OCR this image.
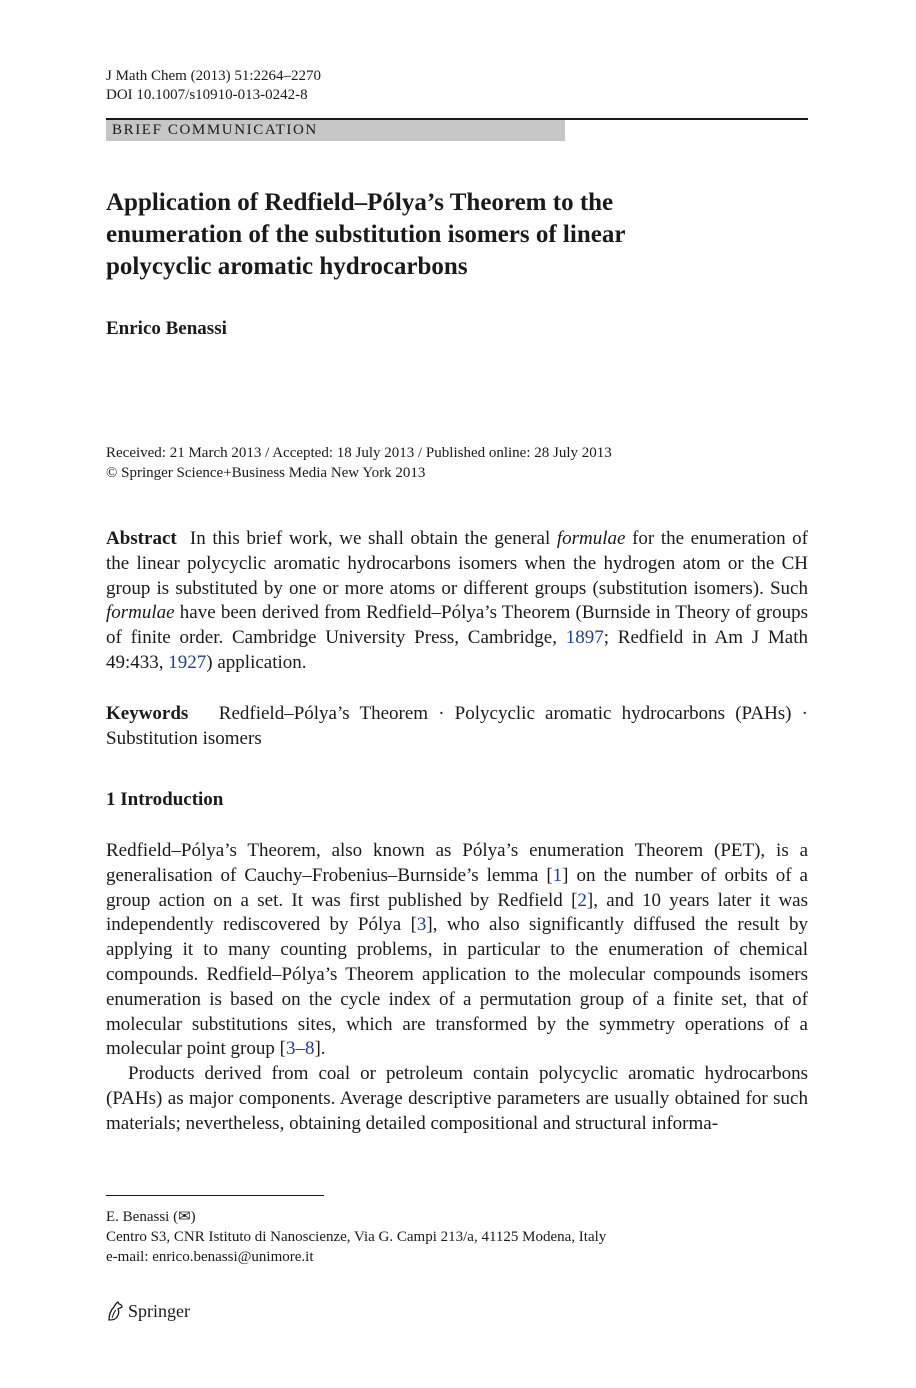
J Math Chem (2013) 51:2264–2270
DOI 10.1007/s10910-013-0242-8
BRIEF COMMUNICATION
Application of Redfield–Pólya’s Theorem to the
enumeration of the substitution isomers of linear
polycyclic aromatic hydrocarbons
Enrico Benassi
Received: 21 March 2013 / Accepted: 18 July 2013 / Published online: 28 July 2013
© Springer Science+Business Media New York 2013

Abstract In this brief work, we shall obtain the general formulae for the enumeration of the linear polycyclic aromatic hydrocarbons isomers when the hydrogen atom or the CH group is substituted by one or more atoms or different groups (substitution isomers). Such formulae have been derived from Redfield–Pólya’s Theorem (Burnside in Theory of groups of finite order. Cambridge University Press, Cambridge, 1897; Redfield in Am J Math 49:433, 1927) application.

Keywords Redfield–Pólya’s Theorem · Polycyclic aromatic hydrocarbons (PAHs) · Substitution isomers

1 Introduction

Redfield–Pólya’s Theorem, also known as Pólya’s enumeration Theorem (PET), is a generalisation of Cauchy–Frobenius–Burnside’s lemma [1] on the number of orbits of a group action on a set. It was first published by Redfield [2], and 10 years later it was independently rediscovered by Pólya [3], who also significantly diffused the result by applying it to many counting problems, in particular to the enumeration of chemical compounds. Redfield–Pólya’s Theorem application to the molecular compounds isomers enumeration is based on the cycle index of a permutation group of a finite set, that of molecular substitutions sites, which are transformed by the symmetry operations of a molecular point group [3–8].

Products derived from coal or petroleum contain polycyclic aromatic hydrocarbons (PAHs) as major components. Average descriptive parameters are usually obtained for such materials; nevertheless, obtaining detailed compositional and structural informa-

E. Benassi (✉)
Centro S3, CNR Istituto di Nanoscienze, Via G. Campi 213/a, 41125 Modena, Italy
e-mail: enrico.benassi@unimore.it
Springer
